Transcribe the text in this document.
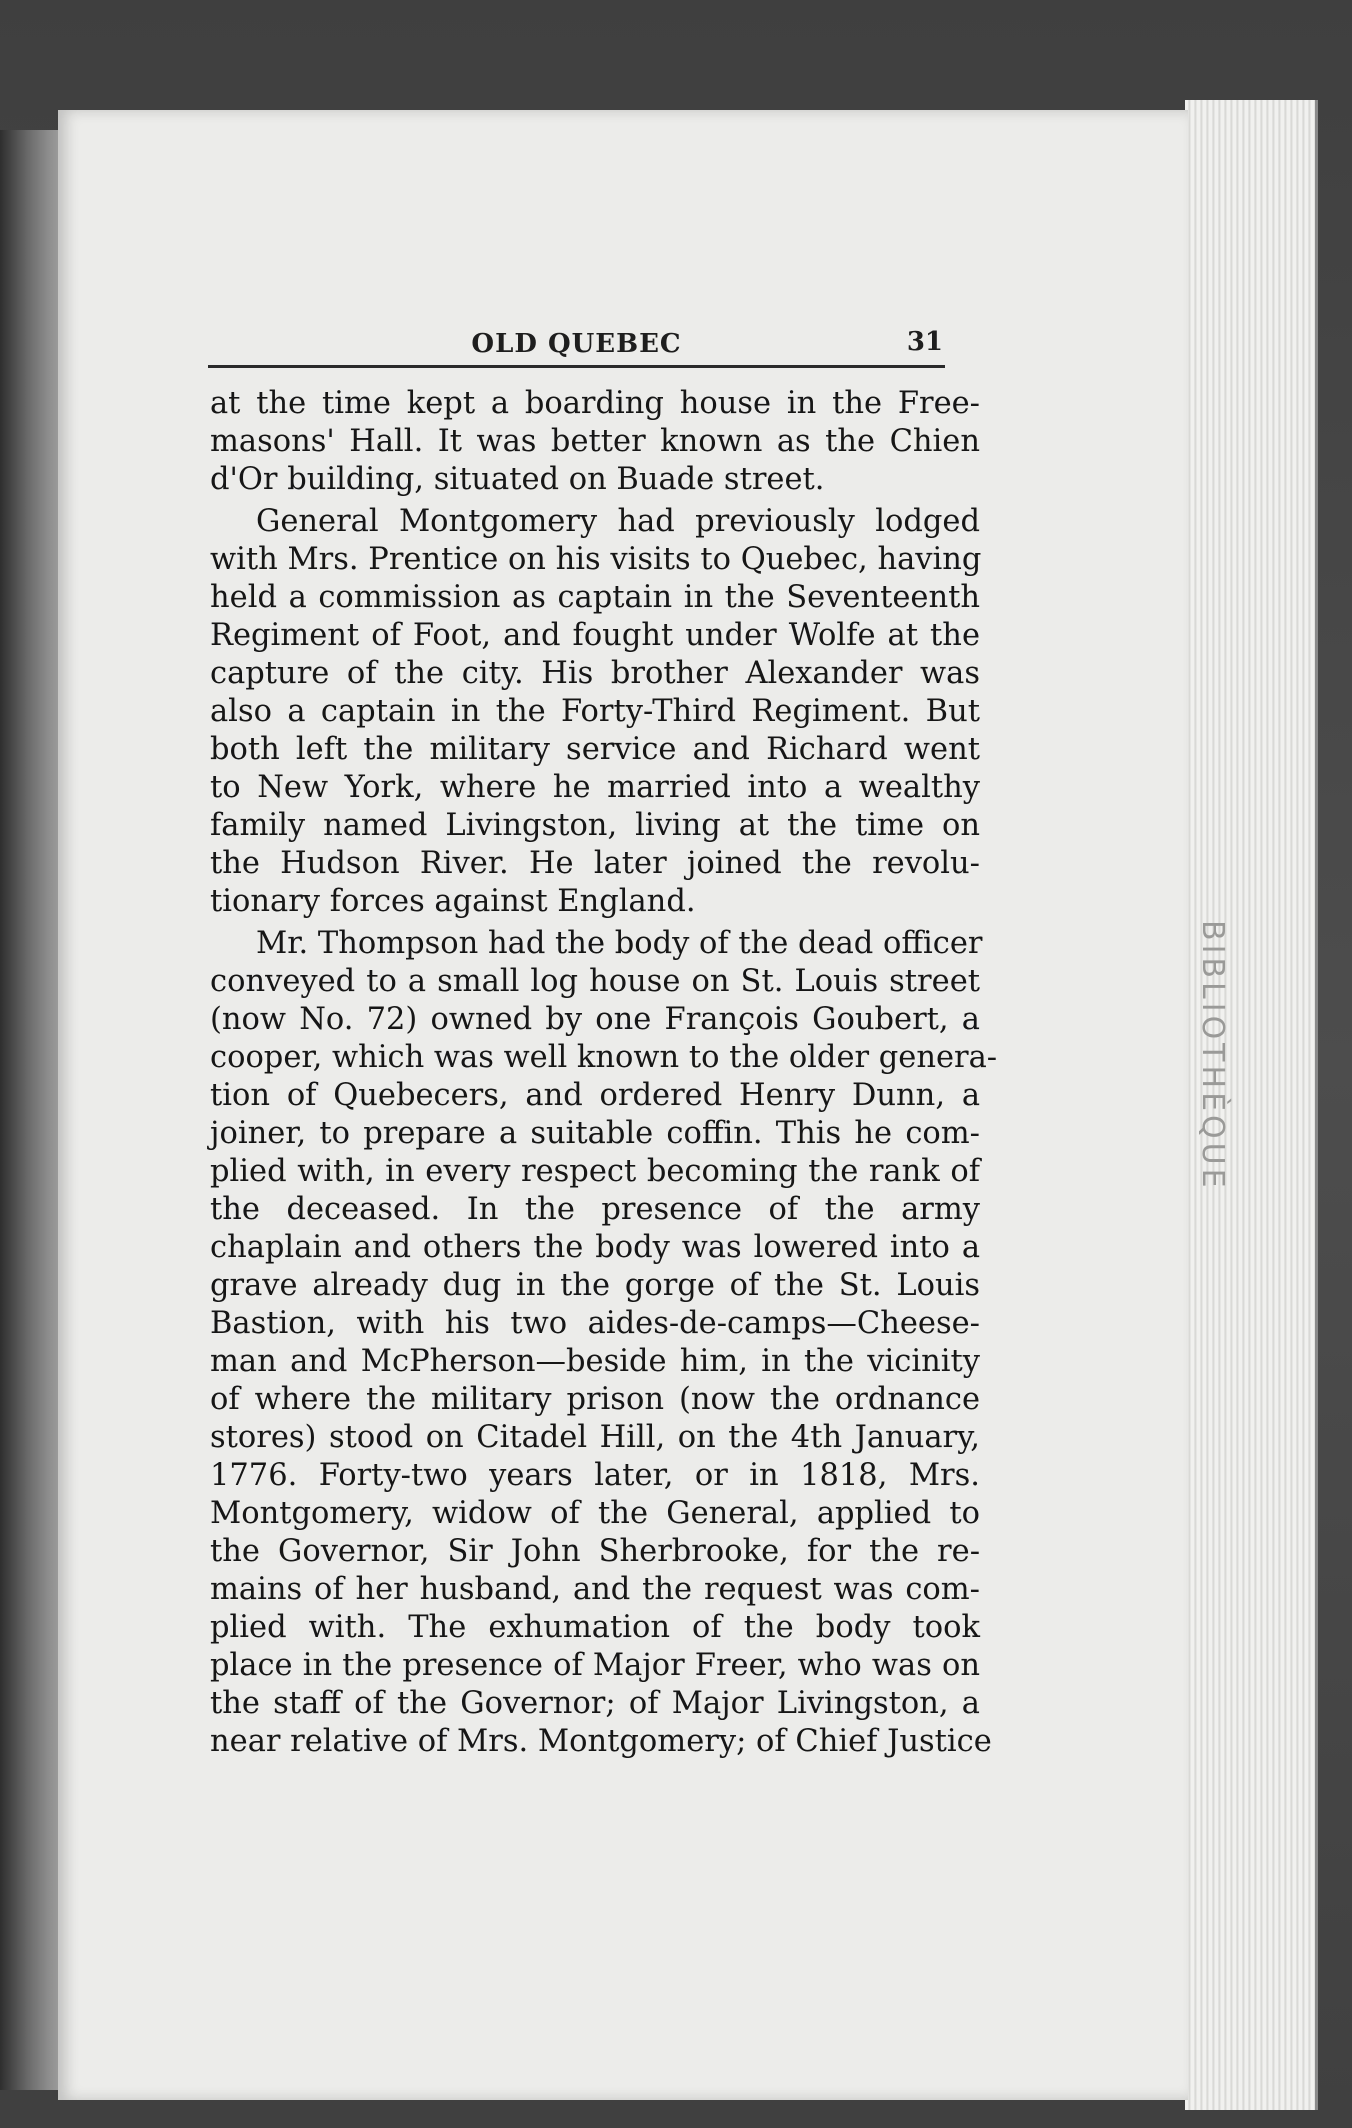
BIBLIOTHÈQUE
OLD QUEBEC	31

at the time kept a boarding house in the Free-
masons' Hall. It was better known as the Chien
d'Or building, situated on Buade street.

General Montgomery had previously lodged
with Mrs. Prentice on his visits to Quebec, having
held a commission as captain in the Seventeenth
Regiment of Foot, and fought under Wolfe at the
capture of the city. His brother Alexander was
also a captain in the Forty-Third Regiment. But
both left the military service and Richard went
to New York, where he married into a wealthy
family named Livingston, living at the time on
the Hudson River. He later joined the revolu-
tionary forces against England.

Mr. Thompson had the body of the dead officer
conveyed to a small log house on St. Louis street
(now No. 72) owned by one François Goubert, a
cooper, which was well known to the older genera-
tion of Quebecers, and ordered Henry Dunn, a
joiner, to prepare a suitable coffin. This he com-
plied with, in every respect becoming the rank of
the deceased. In the presence of the army
chaplain and others the body was lowered into a
grave already dug in the gorge of the St. Louis
Bastion, with his two aides-de-camps—Cheese-
man and McPherson—beside him, in the vicinity
of where the military prison (now the ordnance
stores) stood on Citadel Hill, on the 4th January,
1776. Forty-two years later, or in 1818, Mrs.
Montgomery, widow of the General, applied to
the Governor, Sir John Sherbrooke, for the re-
mains of her husband, and the request was com-
plied with. The exhumation of the body took
place in the presence of Major Freer, who was on
the staff of the Governor; of Major Livingston, a
near relative of Mrs. Montgomery; of Chief Justice
